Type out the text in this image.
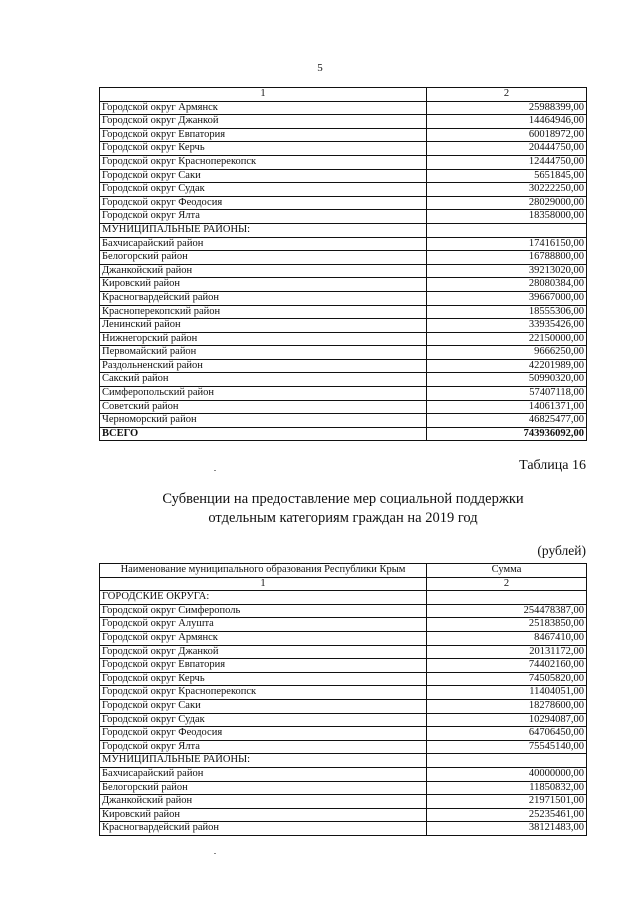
5
1	2
Городской округ Армянск	25988399,00
Городской округ Джанкой	14464946,00
Городской округ Евпатория	60018972,00
Городской округ Керчь	20444750,00
Городской округ Красноперекопск	12444750,00
Городской округ Саки	5651845,00
Городской округ Судак	30222250,00
Городской округ Феодосия	28029000,00
Городской округ Ялта	18358000,00
МУНИЦИПАЛЬНЫЕ РАЙОНЫ:	
Бахчисарайский район	17416150,00
Белогорский район	16788800,00
Джанкойский район	39213020,00
Кировский район	28080384,00
Красногвардейский район	39667000,00
Красноперекопский район	18555306,00
Ленинский район	33935426,00
Нижнегорский район	22150000,00
Первомайский район	9666250,00
Раздольненский район	42201989,00
Сакский район	50990320,00
Симферопольский район	57407118,00
Советский район	14061371,00
Черноморский район	46825477,00
ВСЕГО	743936092,00
Таблица 16
Субвенции на предоставление мер социальной поддержки
отдельным категориям граждан на 2019 год
(рублей)
Наименование муниципального образования Республики Крым	Сумма
1	2
ГОРОДСКИЕ ОКРУГА:	
Городской округ Симферополь	254478387,00
Городской округ Алушта	25183850,00
Городской округ Армянск	8467410,00
Городской округ Джанкой	20131172,00
Городской округ Евпатория	74402160,00
Городской округ Керчь	74505820,00
Городской округ Красноперекопск	11404051,00
Городской округ Саки	18278600,00
Городской округ Судак	10294087,00
Городской округ Феодосия	64706450,00
Городской округ Ялта	75545140,00
МУНИЦИПАЛЬНЫЕ РАЙОНЫ:	
Бахчисарайский район	40000000,00
Белогорский район	11850832,00
Джанкойский район	21971501,00
Кировский район	25235461,00
Красногвардейский район	38121483,00
